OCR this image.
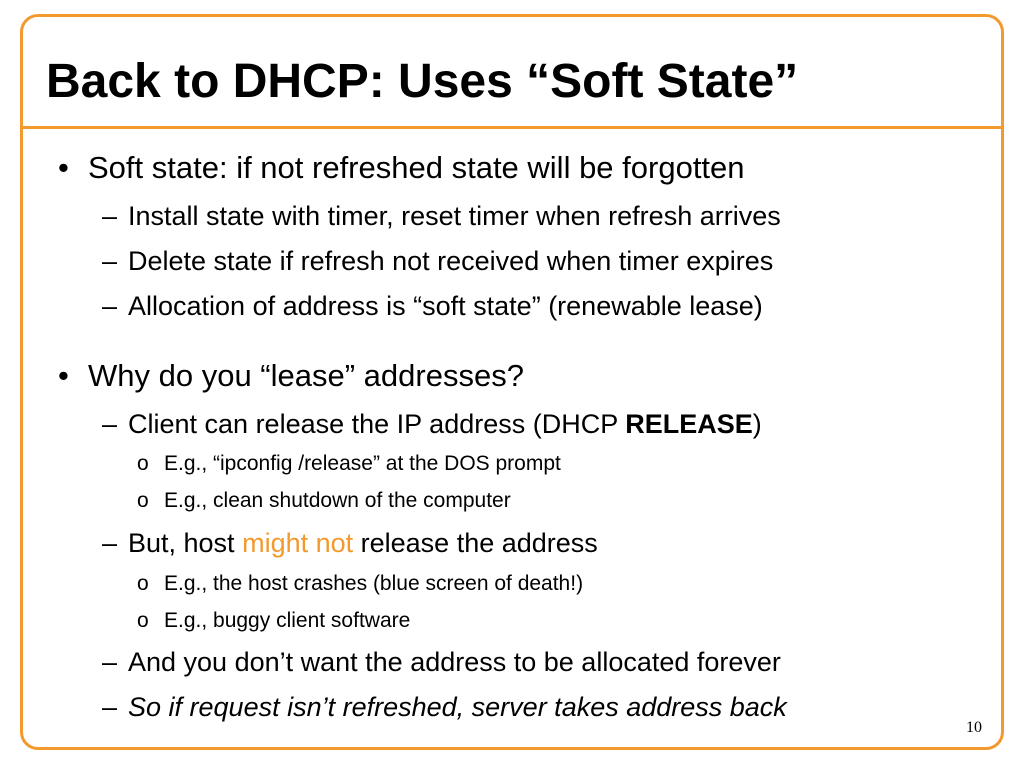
Back to DHCP: Uses “Soft State”
• Soft state: if not refreshed state will be forgotten
– Install state with timer, reset timer when refresh arrives
– Delete state if refresh not received when timer expires
– Allocation of address is “soft state” (renewable lease)
• Why do you “lease” addresses?
– Client can release the IP address (DHCP RELEASE)
o E.g., “ipconfig /release” at the DOS prompt
o E.g., clean shutdown of the computer
– But, host might not release the address
o E.g., the host crashes (blue screen of death!)
o E.g., buggy client software
– And you don’t want the address to be allocated forever
– So if request isn’t refreshed, server takes address back
10
